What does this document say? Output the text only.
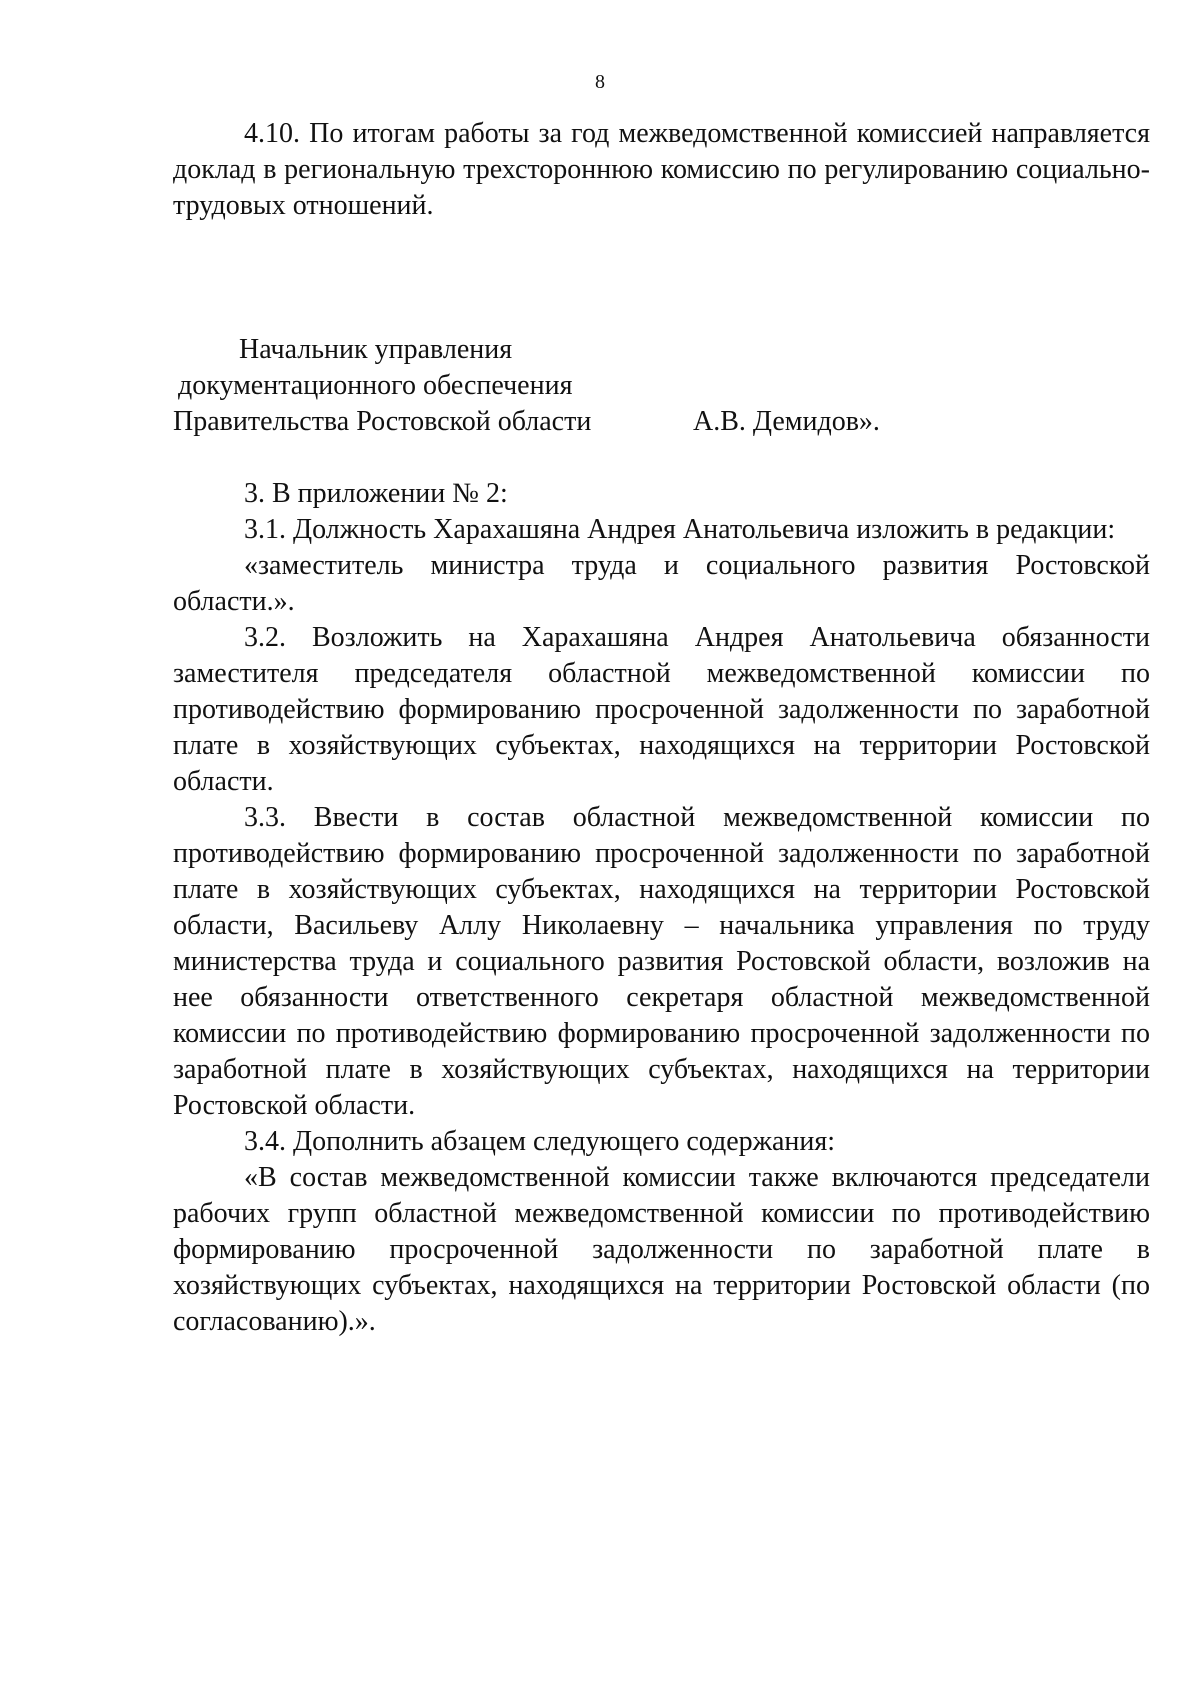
8

4.10. По итогам работы за год межведомственной комиссией направляется доклад в региональную трехстороннюю комиссию по регулированию социально-трудовых отношений.

Начальник управления
документационного обеспечения
Правительства Ростовской области	А.В. Демидов».

3. В приложении № 2:

3.1. Должность Харахашяна Андрея Анатольевича изложить в редакции:

«заместитель министра труда и социального развития Ростовской области.».

3.2. Возложить на Харахашяна Андрея Анатольевича обязанности заместителя председателя областной межведомственной комиссии по противодействию формированию просроченной задолженности по заработной плате в хозяйствующих субъектах, находящихся на территории Ростовской области.

3.3. Ввести в состав областной межведомственной комиссии по противодействию формированию просроченной задолженности по заработной плате в хозяйствующих субъектах, находящихся на территории Ростовской области, Васильеву Аллу Николаевну – начальника управления по труду министерства труда и социального развития Ростовской области, возложив на нее обязанности ответственного секретаря областной межведомственной комиссии по противодействию формированию просроченной задолженности по заработной плате в хозяйствующих субъектах, находящихся на территории Ростовской области.

3.4. Дополнить абзацем следующего содержания:

«В состав межведомственной комиссии также включаются председатели рабочих групп областной межведомственной комиссии по противодействию формированию просроченной задолженности по заработной плате в хозяйствующих субъектах, находящихся на территории Ростовской области (по согласованию).».
